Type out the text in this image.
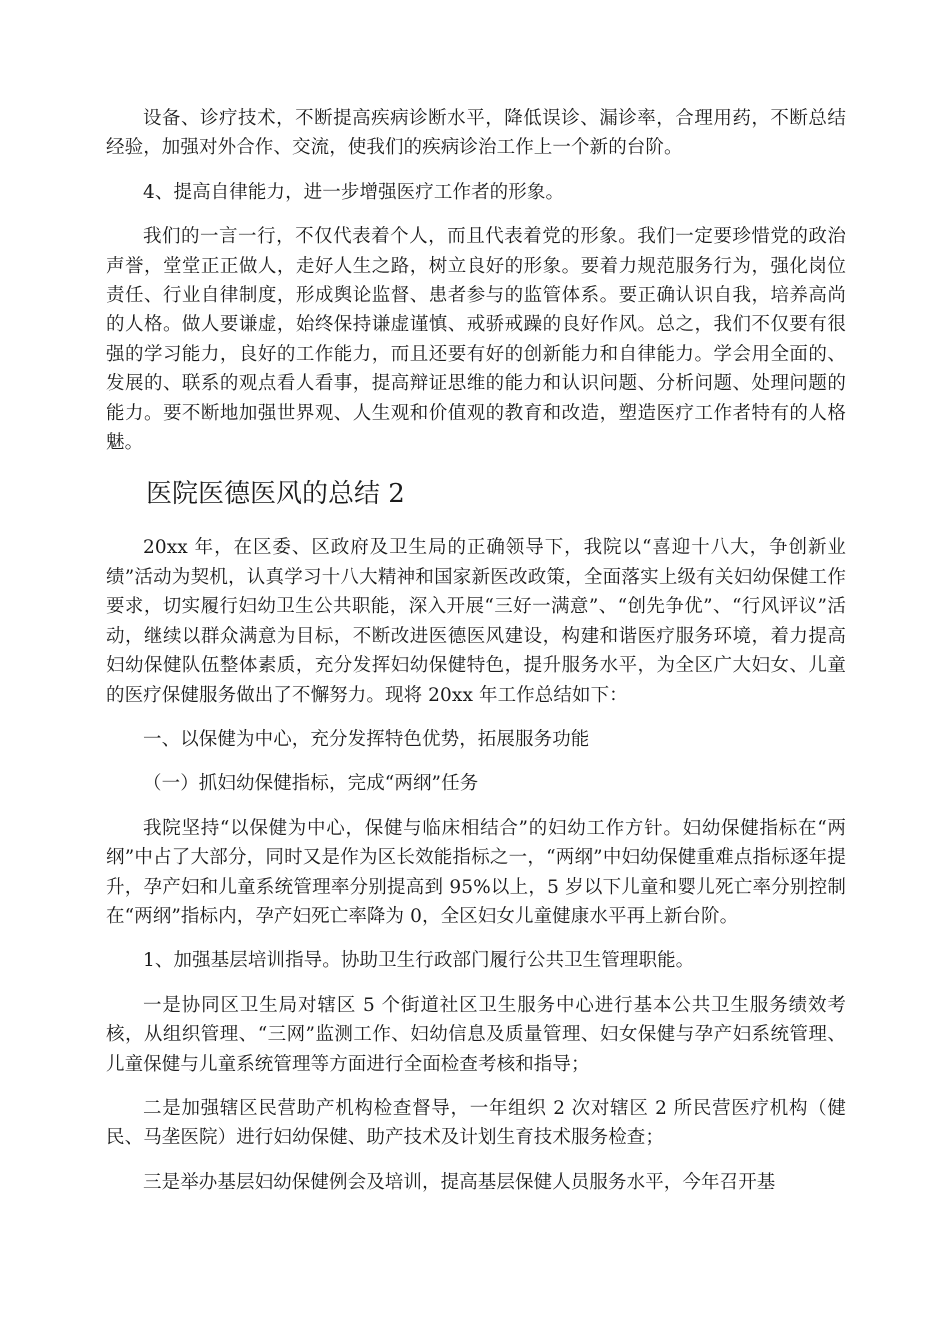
设备、诊疗技术，不断提高疾病诊断水平，降低误诊、漏诊率，合理用药，不断总结经验，加强对外合作、交流，使我们的疾病诊治工作上一个新的台阶。

4、提高自律能力，进一步增强医疗工作者的形象。

我们的一言一行，不仅代表着个人，而且代表着党的形象。我们一定要珍惜党的政治声誉，堂堂正正做人，走好人生之路，树立良好的形象。要着力规范服务行为，强化岗位责任、行业自律制度，形成舆论监督、患者参与的监管体系。要正确认识自我，培养高尚的人格。做人要谦虚，始终保持谦虚谨慎、戒骄戒躁的良好作风。总之，我们不仅要有很强的学习能力，良好的工作能力，而且还要有好的创新能力和自律能力。学会用全面的、发展的、联系的观点看人看事，提高辩证思维的能力和认识问题、分析问题、处理问题的能力。要不断地加强世界观、人生观和价值观的教育和改造，塑造医疗工作者特有的人格魅。

医院医德医风的总结 2

20xx 年，在区委、区政府及卫生局的正确领导下，我院以“喜迎十八大，争创新业绩”活动为契机，认真学习十八大精神和国家新医改政策，全面落实上级有关妇幼保健工作要求，切实履行妇幼卫生公共职能，深入开展“三好一满意”、“创先争优”、“行风评议”活动，继续以群众满意为目标，不断改进医德医风建设，构建和谐医疗服务环境，着力提高妇幼保健队伍整体素质，充分发挥妇幼保健特色，提升服务水平，为全区广大妇女、儿童的医疗保健服务做出了不懈努力。现将 20xx 年工作总结如下：

一、以保健为中心，充分发挥特色优势，拓展服务功能

（一）抓妇幼保健指标，完成“两纲”任务

我院坚持“以保健为中心，保健与临床相结合”的妇幼工作方针。妇幼保健指标在“两纲”中占了大部分，同时又是作为区长效能指标之一，“两纲”中妇幼保健重难点指标逐年提升，孕产妇和儿童系统管理率分别提高到 95%以上，5 岁以下儿童和婴儿死亡率分别控制在“两纲”指标内，孕产妇死亡率降为 0，全区妇女儿童健康水平再上新台阶。

1、加强基层培训指导。协助卫生行政部门履行公共卫生管理职能。

一是协同区卫生局对辖区 5 个街道社区卫生服务中心进行基本公共卫生服务绩效考核，从组织管理、“三网”监测工作、妇幼信息及质量管理、妇女保健与孕产妇系统管理、儿童保健与儿童系统管理等方面进行全面检查考核和指导；

二是加强辖区民营助产机构检查督导，一年组织 2 次对辖区 2 所民营医疗机构（健民、马垄医院）进行妇幼保健、助产技术及计划生育技术服务检查；

三是举办基层妇幼保健例会及培训，提高基层保健人员服务水平，今年召开基
